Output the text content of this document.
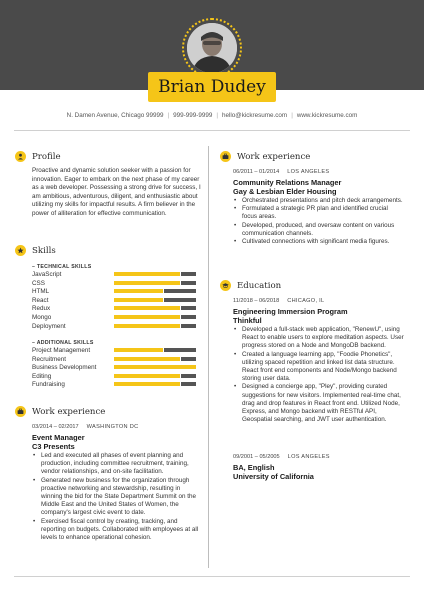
Brian Dudey
N. Damen Avenue, Chicago 99999 | 999-999-9999 | hello@kickresume.com | www.kickresume.com
Profile
Proactive and dynamic solution seeker with a passion for innovation. Eager to embark on the next phase of my career as a web developer. Possessing a strong drive for success, I am ambitious, adventurous, diligent, and enthusiastic about utilizing my skills for impactful results. A firm believer in the power of alliteration for effective communication.
Skills
– TECHNICAL SKILLS
JavaScript
CSS
HTML
React
Redux
Mongo
Deployment
– ADDITIONAL SKILLS
Project Management
Recruitment
Business Development
Editing
Fundraising
Work experience
03/2014 – 02/2017 WASHINGTON DC
Event Manager
C3 Presents
• Led and executed all phases of event planning and production, including committee recruitment, training, vendor relationships, and on-site facilitation.
• Generated new business for the organization through proactive networking and stewardship, resulting in winning the bid for the State Department Summit on the Middle East and the United States of Women, the company's largest civic event to date.
• Exercised fiscal control by creating, tracking, and reporting on budgets. Collaborated with employees at all levels to enhance operational cohesion.
Work experience
06/2011 – 01/2014 LOS ANGELES
Community Relations Manager
Gay & Lesbian Elder Housing
• Orchestrated presentations and pitch deck arrangements.
• Formulated a strategic PR plan and identified crucial focus areas.
• Developed, produced, and oversaw content on various communication channels.
• Cultivated connections with significant media figures.
Education
11/2018 – 06/2018 CHICAGO, IL
Engineering Immersion Program
Thinkful
• Developed a full-stack web application, "RenewU", using React to enable users to explore meditation aspects. User progress stored on a Node and MongoDB backend.
• Created a language learning app, "Foodie Phonetics", utilizing spaced repetition and linked list data structure. React front end components and Node/Mongo backend storing user data.
• Designed a concierge app, "Pley", providing curated suggestions for new visitors. Implemented real-time chat, drag and drop features in React front end. Utilized Node, Express, and Mongo backend with RESTful API, Geospatial searching, and JWT user authentication.
09/2001 – 05/2005 LOS ANGELES
BA, English
University of California
